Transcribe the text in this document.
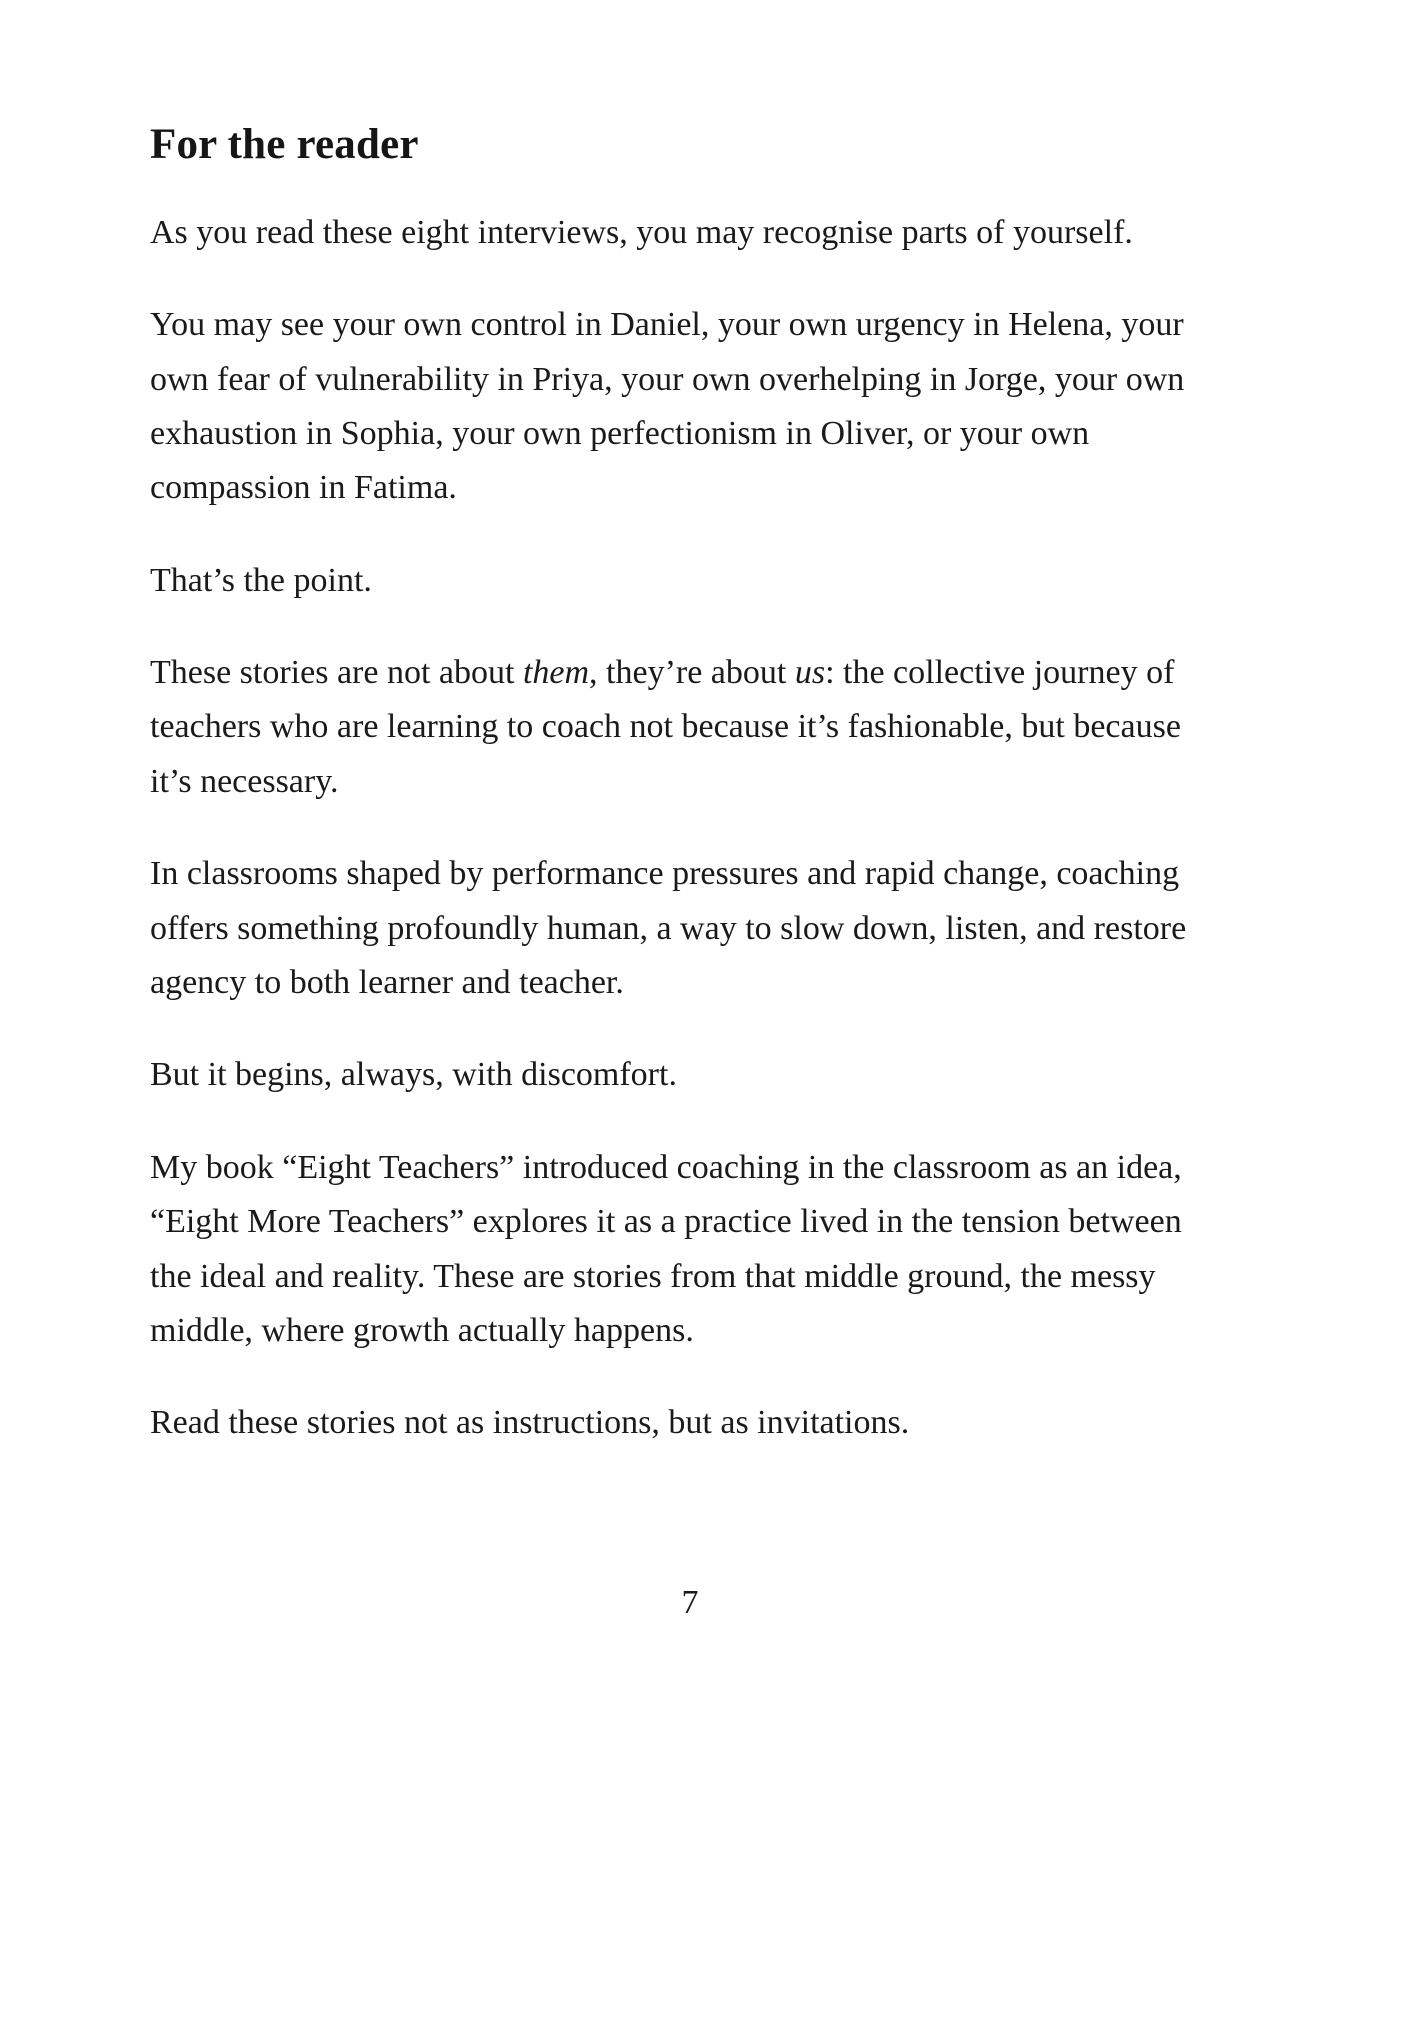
For the reader

As you read these eight interviews, you may recognise parts of yourself.

You may see your own control in Daniel, your own urgency in Helena, your own fear of vulnerability in Priya, your own overhelping in Jorge, your own exhaustion in Sophia, your own perfectionism in Oliver, or your own compassion in Fatima.

That’s the point.

These stories are not about them, they’re about us: the collective journey of teachers who are learning to coach not because it’s fashionable, but because it’s necessary.

In classrooms shaped by performance pressures and rapid change, coaching offers something profoundly human, a way to slow down, listen, and restore agency to both learner and teacher.

But it begins, always, with discomfort.

My book “Eight Teachers” introduced coaching in the classroom as an idea, “Eight More Teachers” explores it as a practice lived in the tension between the ideal and reality. These are stories from that middle ground, the messy middle, where growth actually happens.

Read these stories not as instructions, but as invitations.

7
